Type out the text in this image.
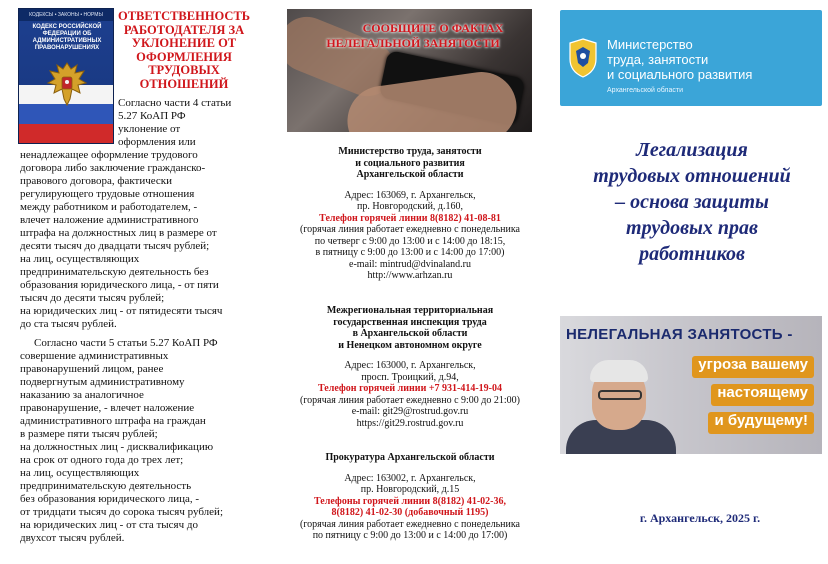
КОДЕКСЫ • ЗАКОНЫ • НОРМЫ
КОДЕКС РОССИЙСКОЙ ФЕДЕРАЦИИ ОБ АДМИНИСТРАТИВНЫХ ПРАВОНАРУШЕНИЯХ
ОТВЕТСТВЕННОСТЬ РАБОТОДАТЕЛЯ ЗА УКЛОНЕНИЕ ОТ ОФОРМЛЕНИЯ ТРУДОВЫХ ОТНОШЕНИЙ
Согласно части 4 статьи
5.27 КоАП РФ
уклонение от
оформления или
ненадлежащее оформление трудового
договора либо заключение гражданско-
правового договора, фактически
регулирующего трудовые отношения
между работником и работодателем, -
влечет наложение административного
штрафа на должностных лиц в размере от
десяти тысяч до двадцати тысяч рублей;
на лиц, осуществляющих
предпринимательскую деятельность без
образования юридического лица, - от пяти
тысяч до десяти тысяч рублей;
на юридических лиц - от пятидесяти тысяч
до ста тысяч рублей.
Согласно части 5 статьи 5.27 КоАП РФ
совершение административных
правонарушений лицом, ранее
подвергнутым административному
наказанию за аналогичное
правонарушение, - влечет наложение
административного штрафа на граждан
в размере пяти тысяч рублей;
на должностных лиц - дисквалификацию
на срок от одного года до трех лет;
на лиц, осуществляющих
предпринимательскую деятельность
без образования юридического лица, -
от тридцати тысяч до сорока тысяч рублей;
на юридических лиц - от ста тысяч до
двухсот тысяч рублей.
СООБЩИТЕ О ФАКТАХ
НЕЛЕГАЛЬНОЙ ЗАНЯТОСТИ
Министерство труда, занятости
и социального развития
Архангельской области
Адрес: 163069, г. Архангельск,
пр. Новгородский, д.160,
Телефон горячей линии 8(8182) 41-08-81
(горячая линия работает ежедневно с понедельника
по четверг с 9:00 до 13:00 и с 14:00 до 18:15,
в пятницу с 9:00 до 13:00 и с 14:00 до 17:00)
e-mail: mintrud@dvinaland.ru
http://www.arhzan.ru
Межрегиональная территориальная
государственная инспекция труда
в Архангельской области
и Ненецком автономном округе
Адрес: 163000, г. Архангельск,
просп. Троицкий, д.94,
Телефон горячей линии +7 931-414-19-04
(горячая линия работает ежедневно с 9:00 до 21:00)
e-mail: git29@rostrud.gov.ru
https://git29.rostrud.gov.ru
Прокуратура Архангельской области
Адрес: 163002, г. Архангельск,
пр. Новгородский, д.15
Телефоны горячей линии 8(8182) 41-02-36,
8(8182) 41-02-30 (добавочный 1195)
(горячая линия работает ежедневно с понедельника
по пятницу с 9:00 до 13:00 и с 14:00 до 17:00)
Министерство
труда, занятости
и социального развития
Архангельской области
Легализация
трудовых отношений
– основа защиты
трудовых прав
работников
НЕЛЕГАЛЬНАЯ ЗАНЯТОСТЬ -
угроза вашему
настоящему
и будущему!
г. Архангельск, 2025 г.
